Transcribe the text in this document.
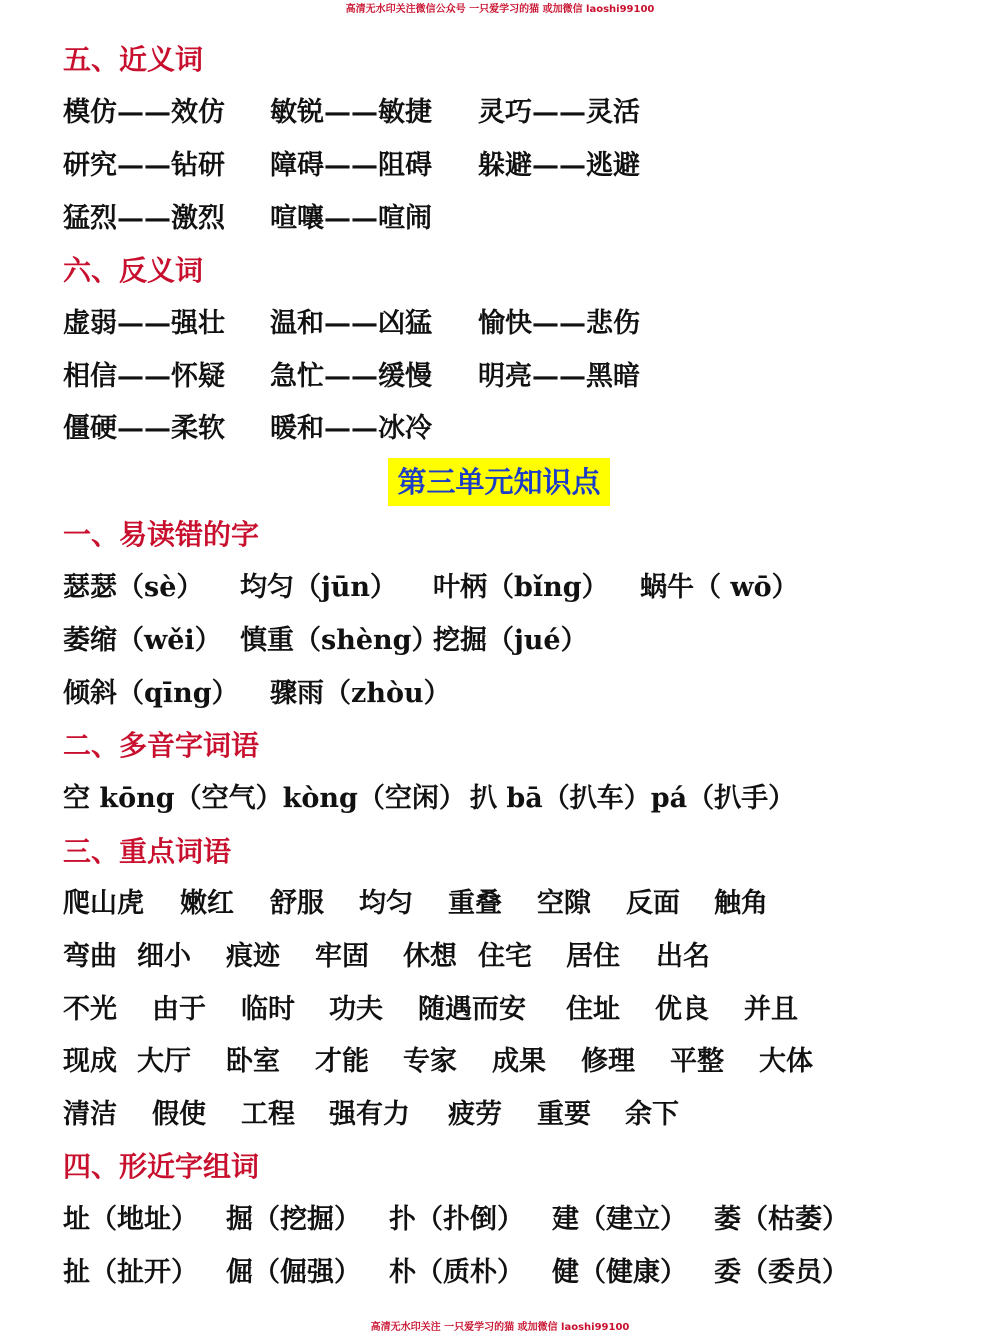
高清无水印关注微信公众号 一只爱学习的猫 或加微信 laoshi99100
五、近义词
模仿——效仿 敏锐——敏捷 灵巧——灵活
研究——钻研 障碍——阻碍 躲避——逃避
猛烈——激烈 喧嚷——喧闹
六、反义词
虚弱——强壮 温和——凶猛 愉快——悲伤
相信——怀疑 急忙——缓慢 明亮——黑暗
僵硬——柔软 暖和——冰冷
第三单元知识点
一、易读错的字
瑟瑟（sè） 均匀（jūn） 叶柄（bǐng） 蜗牛（ wō）
萎缩（wěi） 慎重（shèng）
挖掘（jué）
倾斜（qīng） 骤雨（zhòu）
二、多音字词语
空 kōng（空气）kòng（空闲） 扒 bā（扒车）pá（扒手）
三、重点词语
爬山虎 嫩红 舒服 均匀 重叠 空隙 反面 触角
弯曲 细小 痕迹 牢固 休想 住宅 居住 出名
不光 由于 临时 功夫 随遇而安 住址 优良 并且
现成 大厅 卧室 才能 专家 成果 修理 平整 大体
清洁 假使 工程 强有力 疲劳 重要 余下
四、形近字组词
址（地址） 掘（挖掘） 扑（扑倒） 建（建立） 萎（枯萎）
扯（扯开） 倔（倔强） 朴（质朴） 健（健康） 委（委员）
高清无水印关注 一只爱学习的猫 或加微信 laoshi99100
